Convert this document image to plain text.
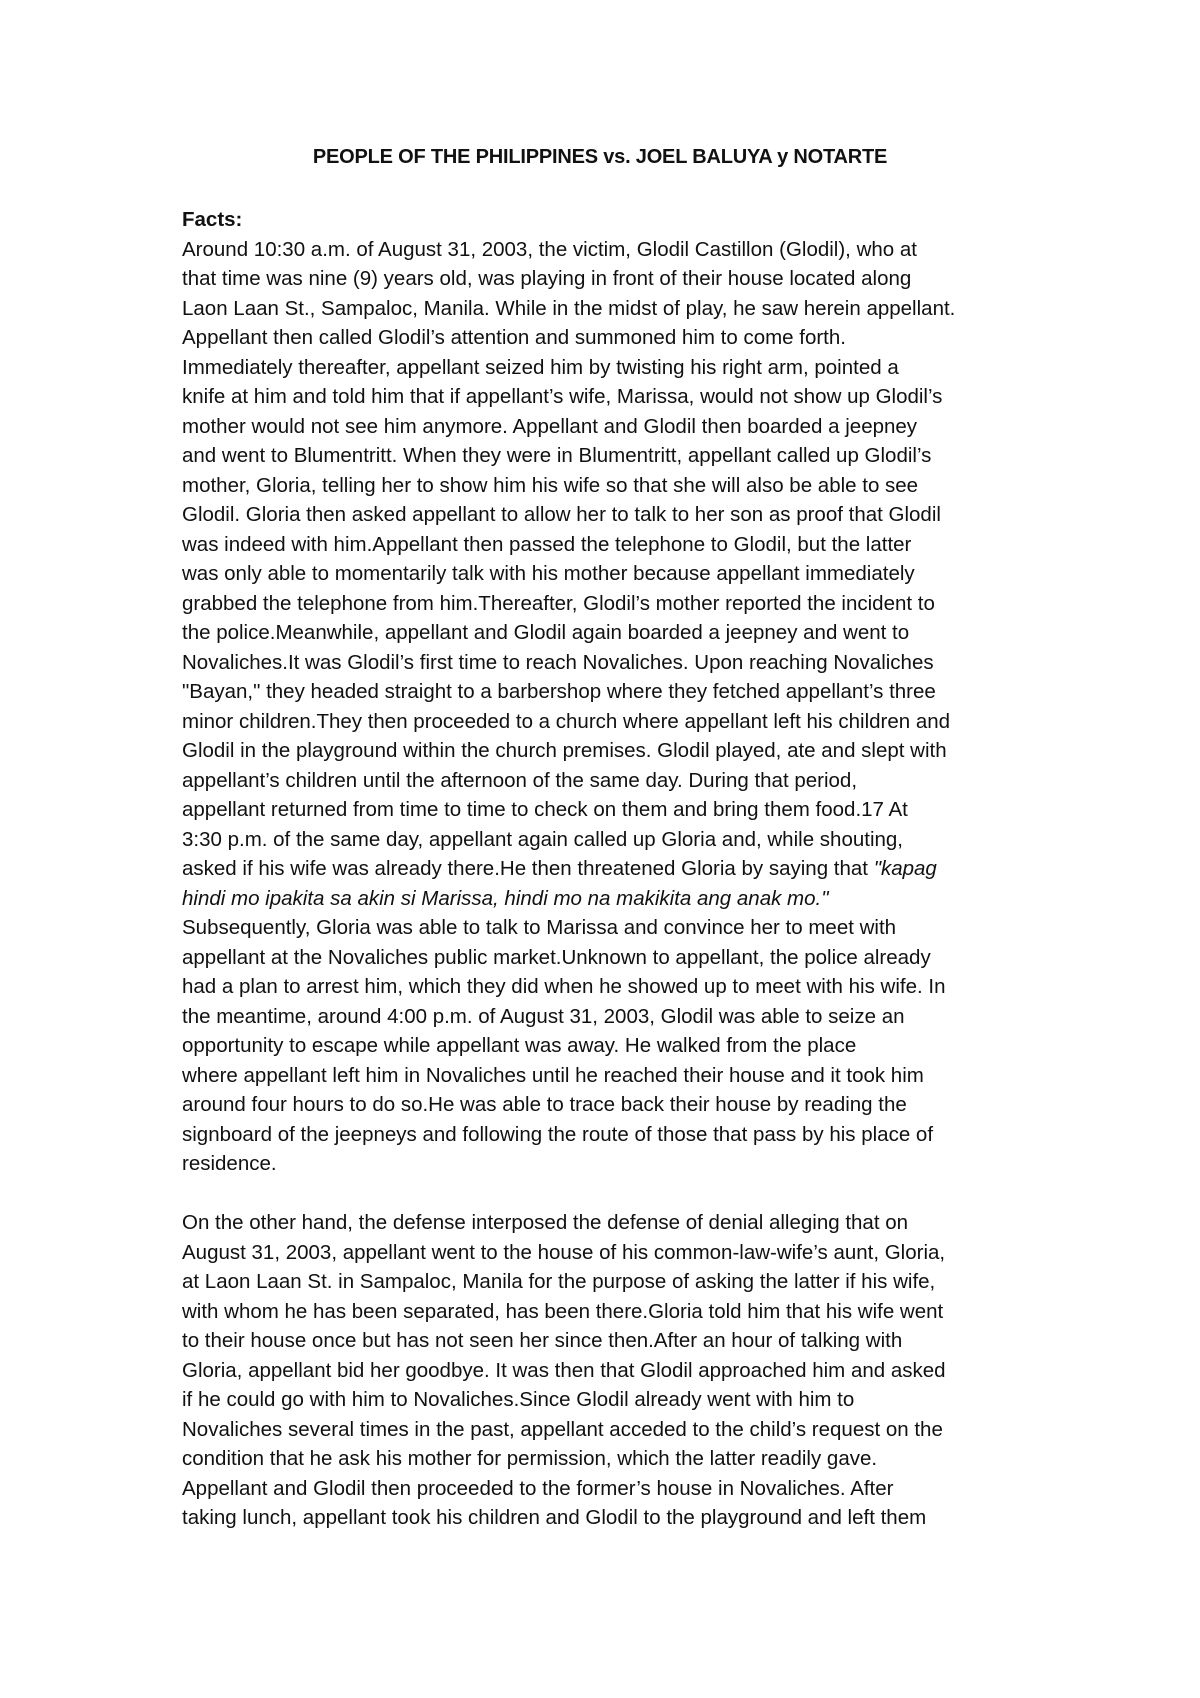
PEOPLE OF THE PHILIPPINES vs. JOEL BALUYA y NOTARTE
Facts:
Around 10:30 a.m. of August 31, 2003, the victim, Glodil Castillon (Glodil), who at
that time was nine (9) years old, was playing in front of their house located along
Laon Laan St., Sampaloc, Manila. While in the midst of play, he saw herein appellant.
Appellant then called Glodil’s attention and summoned him to come forth.
Immediately thereafter, appellant seized him by twisting his right arm, pointed a
knife at him and told him that if appellant’s wife, Marissa, would not show up Glodil’s
mother would not see him anymore. Appellant and Glodil then boarded a jeepney
and went to Blumentritt. When they were in Blumentritt, appellant called up Glodil’s
mother, Gloria, telling her to show him his wife so that she will also be able to see
Glodil. Gloria then asked appellant to allow her to talk to her son as proof that Glodil
was indeed with him.Appellant then passed the telephone to Glodil, but the latter
was only able to momentarily talk with his mother because appellant immediately
grabbed the telephone from him.Thereafter, Glodil’s mother reported the incident to
the police.Meanwhile, appellant and Glodil again boarded a jeepney and went to
Novaliches.It was Glodil’s first time to reach Novaliches. Upon reaching Novaliches
"Bayan," they headed straight to a barbershop where they fetched appellant’s three
minor children.They then proceeded to a church where appellant left his children and
Glodil in the playground within the church premises. Glodil played, ate and slept with
appellant’s children until the afternoon of the same day. During that period,
appellant returned from time to time to check on them and bring them food.17 At
3:30 p.m. of the same day, appellant again called up Gloria and, while shouting,
asked if his wife was already there.He then threatened Gloria by saying that "kapag
hindi mo ipakita sa akin si Marissa, hindi mo na makikita ang anak mo."
Subsequently, Gloria was able to talk to Marissa and convince her to meet with
appellant at the Novaliches public market.Unknown to appellant, the police already
had a plan to arrest him, which they did when he showed up to meet with his wife. In
the meantime, around 4:00 p.m. of August 31, 2003, Glodil was able to seize an
opportunity to escape while appellant was away. He walked from the place
where appellant left him in Novaliches until he reached their house and it took him
around four hours to do so.He was able to trace back their house by reading the
signboard of the jeepneys and following the route of those that pass by his place of
residence.
On the other hand, the defense interposed the defense of denial alleging that on
August 31, 2003, appellant went to the house of his common-law-wife’s aunt, Gloria,
at Laon Laan St. in Sampaloc, Manila for the purpose of asking the latter if his wife,
with whom he has been separated, has been there.Gloria told him that his wife went
to their house once but has not seen her since then.After an hour of talking with
Gloria, appellant bid her goodbye. It was then that Glodil approached him and asked
if he could go with him to Novaliches.Since Glodil already went with him to
Novaliches several times in the past, appellant acceded to the child’s request on the
condition that he ask his mother for permission, which the latter readily gave.
Appellant and Glodil then proceeded to the former’s house in Novaliches. After
taking lunch, appellant took his children and Glodil to the playground and left them
